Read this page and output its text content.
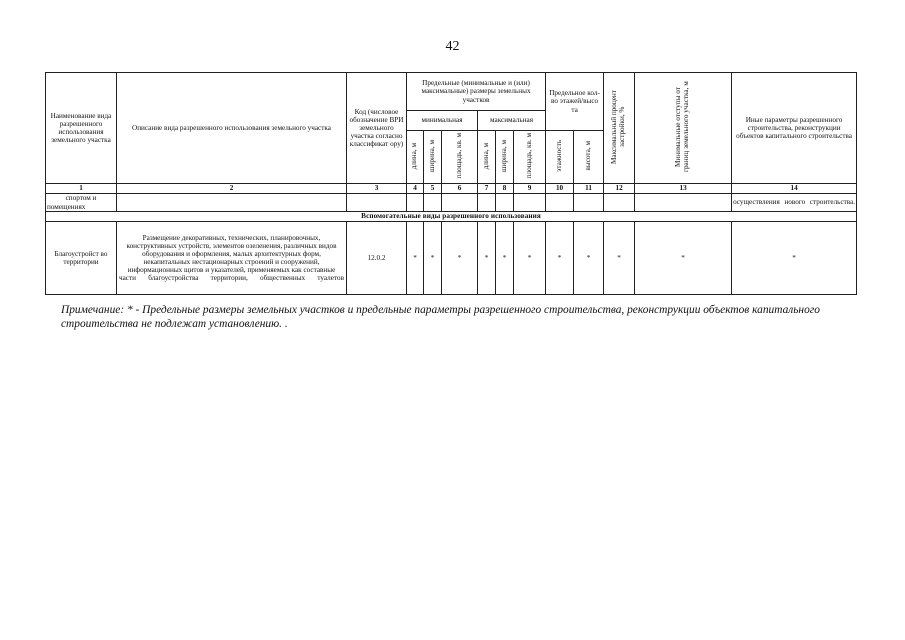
42
Наименование вида разрешенного использования земельного участка	Описание вида разрешенного использования земельного участка	Код (числовое обозначение ВРИ земельного участка согласно классификат ору)	Предельные (минимальные и (или) максимальные) размеры земельных участков						Предельное кол-во этажей/высо та		Максимальный процент застройки, %	Минимальные отступы от границ земельного участка, м	Иные параметры разрешенного строительства, реконструкции объектов капитального строительства
			минимальная			максимальная							
			длина, м	ширина, м	площадь, кв. м	длина, м	ширина, м	площадь, кв. м	этажность	высота, м			
1	2	3	4	5	6	7	8	9	10	11	12	13	14
спортом и помещениях													осуществления нового строительства.
Вспомогательные виды разрешенного использования													
Благоустройст во территории	Размещение декоративных, технических, планировочных, конструктивных устройств, элементов озеленения, различных видов оборудования и оформления, малых архитектурных форм, некапитальных нестационарных строений и сооружений, информационных щитов и указателей, применяемых как составные части благоустройства территории, общественных туалетов	12.0.2	*	*	*	*	*	*	*	*	*	*	*
Примечание: * - Предельные размеры земельных участков и предельные параметры разрешенного строительства, реконструкции объектов капитального строительства не подлежат установлению. .
